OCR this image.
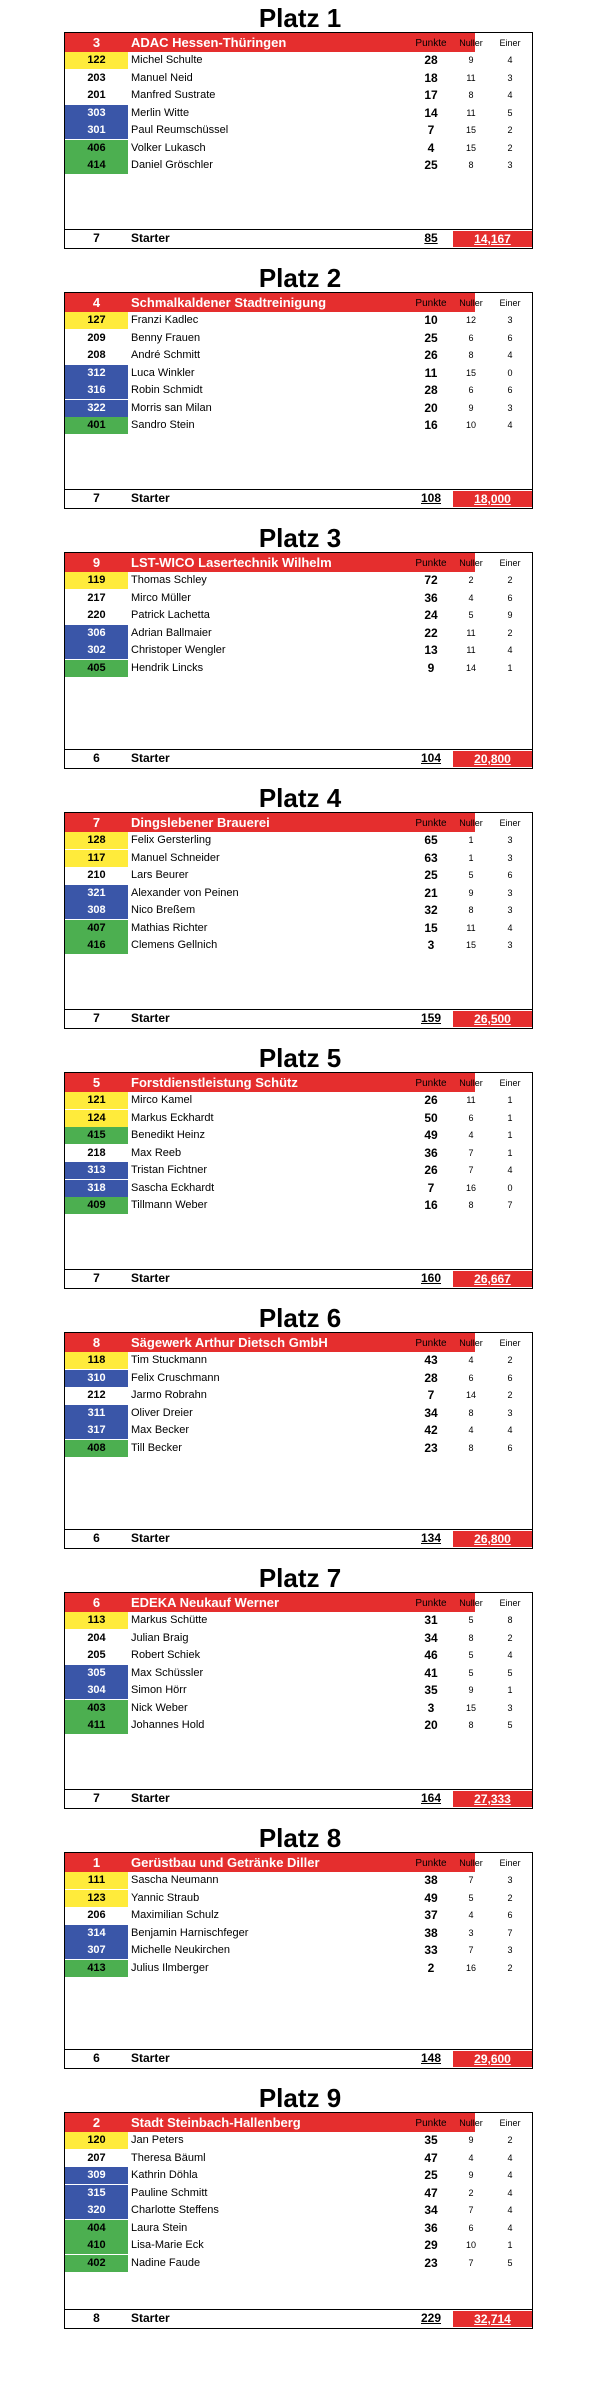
Platz 1
3	ADAC Hessen-Thüringen	Punkte	Nuller	Einer
122	Michel Schulte	28	9	4
203	Manuel Neid	18	11	3
201	Manfred Sustrate	17	8	4
303	Merlin Witte	14	11	5
301	Paul Reumschüssel	7	15	2
406	Volker Lukasch	4	15	2
414	Daniel Gröschler	25	8	3
7	Starter	85	14,167
Platz 2
4	Schmalkaldener Stadtreinigung	Punkte	Nuller	Einer
127	Franzi Kadlec	10	12	3
209	Benny Frauen	25	6	6
208	André Schmitt	26	8	4
312	Luca Winkler	11	15	0
316	Robin Schmidt	28	6	6
322	Morris san Milan	20	9	3
401	Sandro Stein	16	10	4
7	Starter	108	18,000
Platz 3
9	LST-WICO Lasertechnik Wilhelm	Punkte	Nuller	Einer
119	Thomas Schley	72	2	2
217	Mirco Müller	36	4	6
220	Patrick Lachetta	24	5	9
306	Adrian Ballmaier	22	11	2
302	Christoper Wengler	13	11	4
405	Hendrik Lincks	9	14	1
6	Starter	104	20,800
Platz 4
7	Dingslebener Brauerei	Punkte	Nuller	Einer
128	Felix Gersterling	65	1	3
117	Manuel Schneider	63	1	3
210	Lars Beurer	25	5	6
321	Alexander von Peinen	21	9	3
308	Nico Breßem	32	8	3
407	Mathias Richter	15	11	4
416	Clemens Gellnich	3	15	3
7	Starter	159	26,500
Platz 5
5	Forstdienstleistung Schütz	Punkte	Nuller	Einer
121	Mirco Kamel	26	11	1
124	Markus Eckhardt	50	6	1
415	Benedikt Heinz	49	4	1
218	Max Reeb	36	7	1
313	Tristan Fichtner	26	7	4
318	Sascha Eckhardt	7	16	0
409	Tillmann Weber	16	8	7
7	Starter	160	26,667
Platz 6
8	Sägewerk Arthur Dietsch GmbH	Punkte	Nuller	Einer
118	Tim Stuckmann	43	4	2
310	Felix Cruschmann	28	6	6
212	Jarmo Robrahn	7	14	2
311	Oliver Dreier	34	8	3
317	Max Becker	42	4	4
408	Till Becker	23	8	6
6	Starter	134	26,800
Platz 7
6	EDEKA Neukauf Werner	Punkte	Nuller	Einer
113	Markus Schütte	31	5	8
204	Julian Braig	34	8	2
205	Robert Schiek	46	5	4
305	Max Schüssler	41	5	5
304	Simon Hörr	35	9	1
403	Nick Weber	3	15	3
411	Johannes Hold	20	8	5
7	Starter	164	27,333
Platz 8
1	Gerüstbau und Getränke Diller	Punkte	Nuller	Einer
111	Sascha Neumann	38	7	3
123	Yannic Straub	49	5	2
206	Maximilian Schulz	37	4	6
314	Benjamin Harnischfeger	38	3	7
307	Michelle Neukirchen	33	7	3
413	Julius Ilmberger	2	16	2
6	Starter	148	29,600
Platz 9
2	Stadt Steinbach-Hallenberg	Punkte	Nuller	Einer
120	Jan Peters	35	9	2
207	Theresa Bäuml	47	4	4
309	Kathrin Döhla	25	9	4
315	Pauline Schmitt	47	2	4
320	Charlotte Steffens	34	7	4
404	Laura Stein	36	6	4
410	Lisa-Marie Eck	29	10	1
402	Nadine Faude	23	7	5
8	Starter	229	32,714
